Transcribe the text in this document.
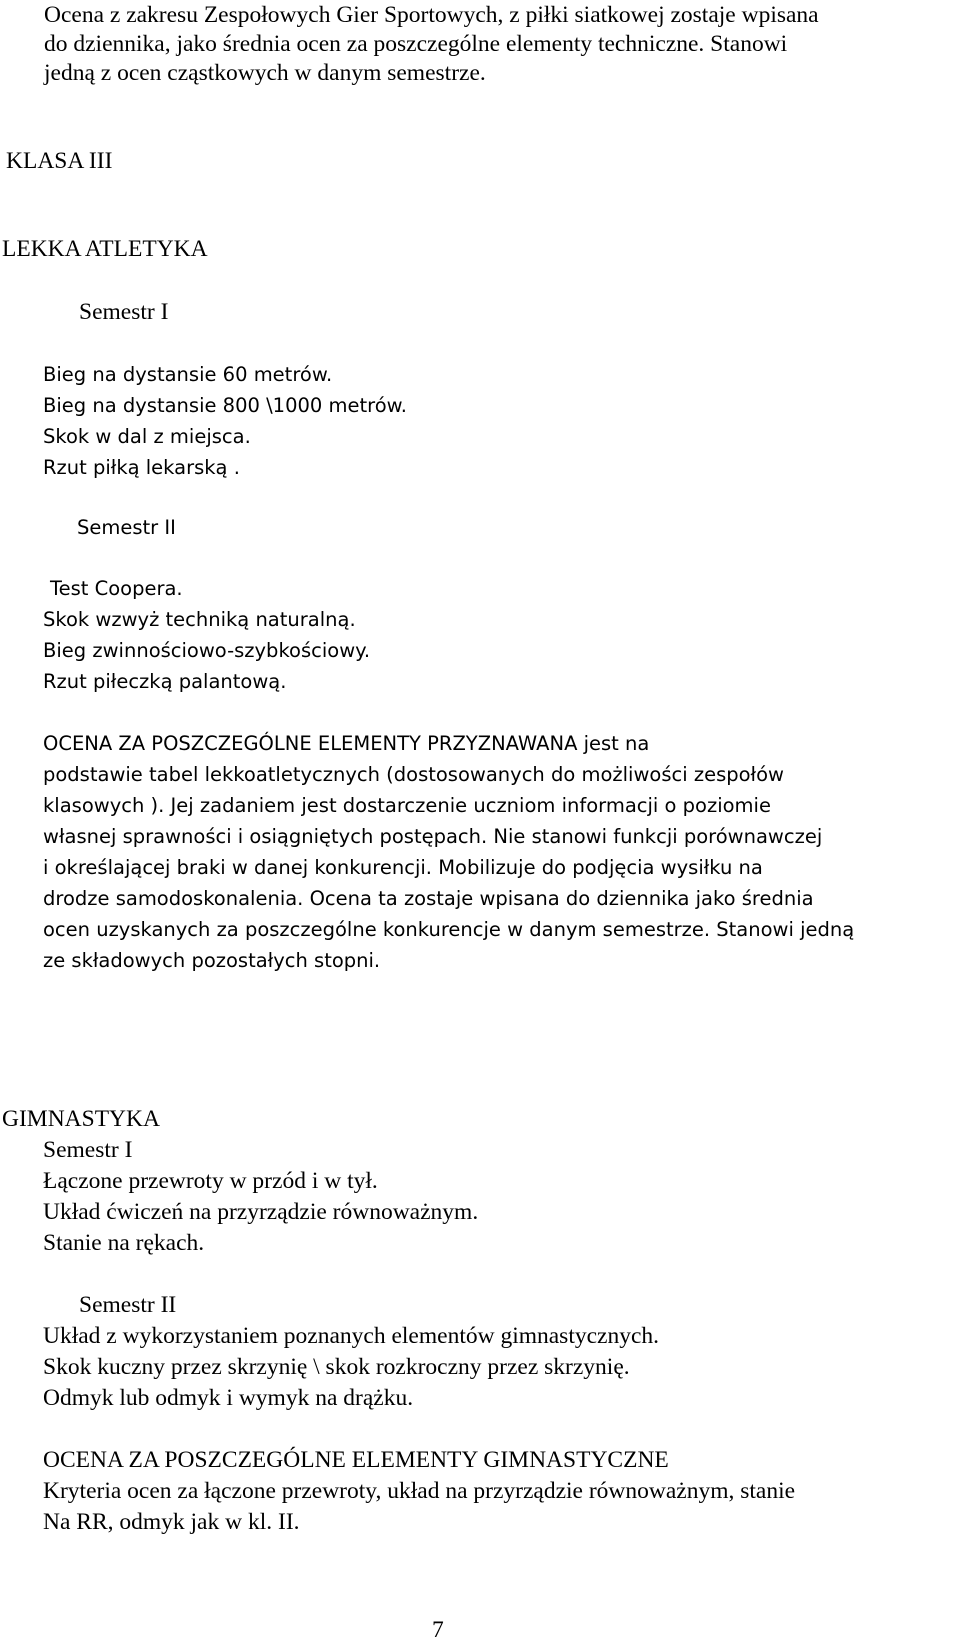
Ocena z zakresu Zespołowych Gier Sportowych, z piłki siatkowej zostaje wpisana

do dziennika, jako średnia ocen za poszczególne elementy techniczne. Stanowi

jedną z ocen cząstkowych w danym semestrze.

KLASA III

LEKKA ATLETYKA

Semestr I

Bieg na dystansie 60 metrów.

Bieg na dystansie 800 \1000 metrów.

Skok w dal z miejsca.

Rzut piłką lekarską .

Semestr II

Test Coopera.

Skok wzwyż techniką naturalną.

Bieg zwinnościowo-szybkościowy.

Rzut piłeczką palantową.

OCENA ZA POSZCZEGÓLNE ELEMENTY PRZYZNAWANA jest na

podstawie tabel lekkoatletycznych (dostosowanych do możliwości zespołów

klasowych ). Jej zadaniem jest dostarczenie uczniom informacji o poziomie

własnej sprawności i osiągniętych postępach. Nie stanowi funkcji porównawczej

i określającej braki w danej konkurencji. Mobilizuje do podjęcia wysiłku na

drodze samodoskonalenia. Ocena ta zostaje wpisana do dziennika jako średnia

ocen uzyskanych za poszczególne konkurencje w danym semestrze. Stanowi jedną

ze składowych pozostałych stopni.

GIMNASTYKA

Semestr I

Łączone przewroty w przód i w tył.

Układ ćwiczeń na przyrządzie równoważnym.

Stanie na rękach.

Semestr II

Układ z wykorzystaniem poznanych elementów gimnastycznych.

Skok kuczny przez skrzynię \ skok rozkroczny przez skrzynię.

Odmyk lub odmyk i wymyk na drążku.

OCENA ZA POSZCZEGÓLNE ELEMENTY GIMNASTYCZNE

Kryteria ocen za łączone przewroty, układ na przyrządzie równoważnym, stanie

Na RR, odmyk jak w kl. II.

7
